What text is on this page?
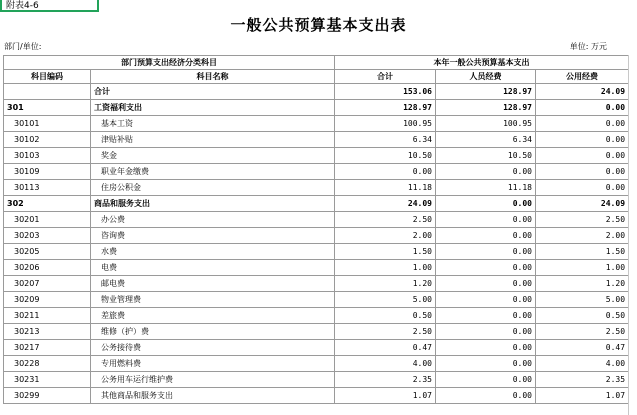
附表4-6
一般公共预算基本支出表
部门/单位:	单位: 万元
部门预算支出经济分类科目		本年一般公共预算基本支出		
科目编码	科目名称	合计	人员经费	公用经费
	合计	153.06	128.97	24.09
301	工资福利支出	128.97	128.97	0.00
30101	基本工资	100.95	100.95	0.00
30102	津贴补贴	6.34	6.34	0.00
30103	奖金	10.50	10.50	0.00
30109	职业年金缴费	0.00	0.00	0.00
30113	住房公积金	11.18	11.18	0.00
302	商品和服务支出	24.09	0.00	24.09
30201	办公费	2.50	0.00	2.50
30203	咨询费	2.00	0.00	2.00
30205	水费	1.50	0.00	1.50
30206	电费	1.00	0.00	1.00
30207	邮电费	1.20	0.00	1.20
30209	物业管理费	5.00	0.00	5.00
30211	差旅费	0.50	0.00	0.50
30213	维修（护）费	2.50	0.00	2.50
30217	公务接待费	0.47	0.00	0.47
30228	专用燃料费	4.00	0.00	4.00
30231	公务用车运行维护费	2.35	0.00	2.35
30299	其他商品和服务支出	1.07	0.00	1.07
